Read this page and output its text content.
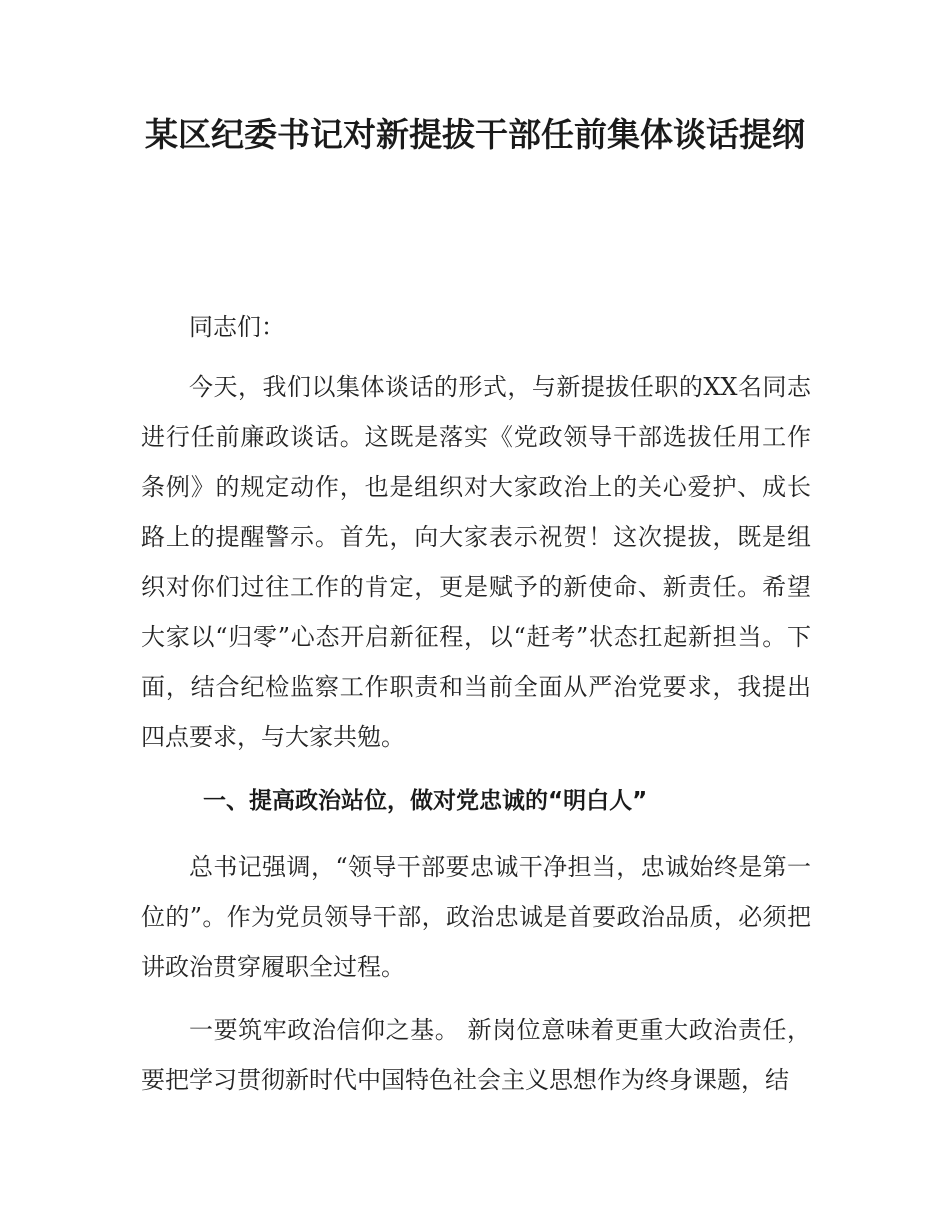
某区纪委书记对新提拔干部任前集体谈话提纲

同志们：

今天，我们以集体谈话的形式，与新提拔任职的XX名同志进行任前廉政谈话。这既是落实《党政领导干部选拔任用工作条例》的规定动作，也是组织对大家政治上的关心爱护、成长路上的提醒警示。首先，向大家表示祝贺！这次提拔，既是组织对你们过往工作的肯定，更是赋予的新使命、新责任。希望大家以“归零”心态开启新征程，以“赶考”状态扛起新担当。下面，结合纪检监察工作职责和当前全面从严治党要求，我提出四点要求，与大家共勉。

一、提高政治站位，做对党忠诚的“明白人”

总书记强调，“领导干部要忠诚干净担当，忠诚始终是第一位的”。作为党员领导干部，政治忠诚是首要政治品质，必须把讲政治贯穿履职全过程。

一要筑牢政治信仰之基。 新岗位意味着更重大政治责任，要把学习贯彻新时代中国特色社会主义思想作为终身课题，结
